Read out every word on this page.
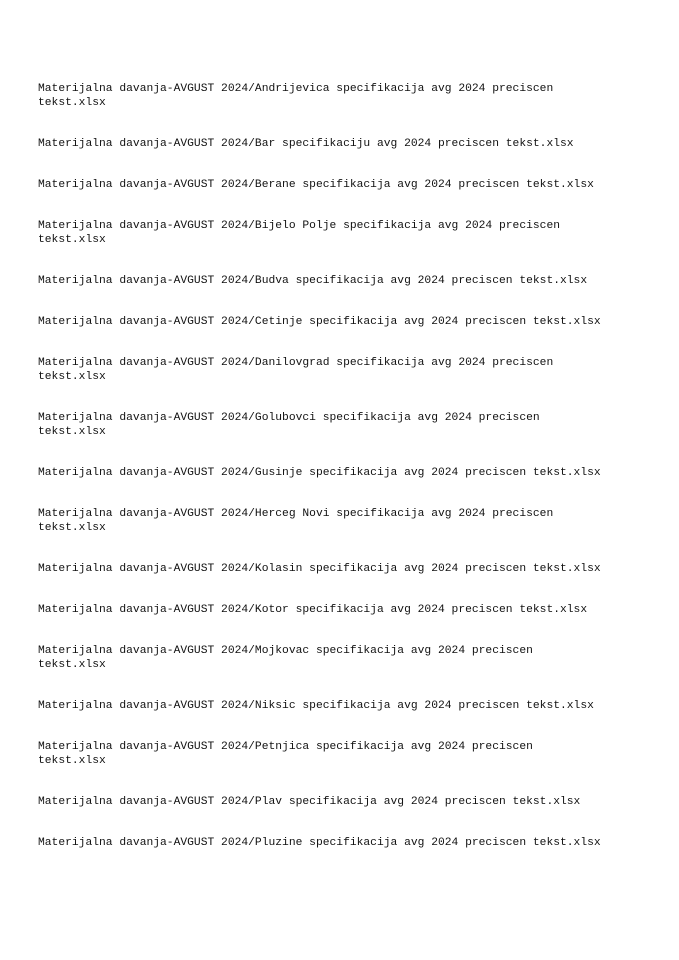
Materijalna davanja-AVGUST 2024/Andrijevica specifikacija avg 2024 preciscen
tekst.xlsx
Materijalna davanja-AVGUST 2024/Bar specifikaciju avg 2024 preciscen tekst.xlsx
Materijalna davanja-AVGUST 2024/Berane specifikacija avg 2024 preciscen tekst.xlsx
Materijalna davanja-AVGUST 2024/Bijelo Polje specifikacija avg 2024 preciscen
tekst.xlsx
Materijalna davanja-AVGUST 2024/Budva specifikacija avg 2024 preciscen tekst.xlsx
Materijalna davanja-AVGUST 2024/Cetinje specifikacija avg 2024 preciscen tekst.xlsx
Materijalna davanja-AVGUST 2024/Danilovgrad specifikacija avg 2024 preciscen
tekst.xlsx
Materijalna davanja-AVGUST 2024/Golubovci specifikacija avg 2024 preciscen
tekst.xlsx
Materijalna davanja-AVGUST 2024/Gusinje specifikacija avg 2024 preciscen tekst.xlsx
Materijalna davanja-AVGUST 2024/Herceg Novi specifikacija avg 2024 preciscen
tekst.xlsx
Materijalna davanja-AVGUST 2024/Kolasin specifikacija avg 2024 preciscen tekst.xlsx
Materijalna davanja-AVGUST 2024/Kotor specifikacija avg 2024 preciscen tekst.xlsx
Materijalna davanja-AVGUST 2024/Mojkovac specifikacija avg 2024 preciscen
tekst.xlsx
Materijalna davanja-AVGUST 2024/Niksic specifikacija avg 2024 preciscen tekst.xlsx
Materijalna davanja-AVGUST 2024/Petnjica specifikacija avg 2024 preciscen
tekst.xlsx
Materijalna davanja-AVGUST 2024/Plav specifikacija avg 2024 preciscen tekst.xlsx
Materijalna davanja-AVGUST 2024/Pluzine specifikacija avg 2024 preciscen tekst.xlsx
